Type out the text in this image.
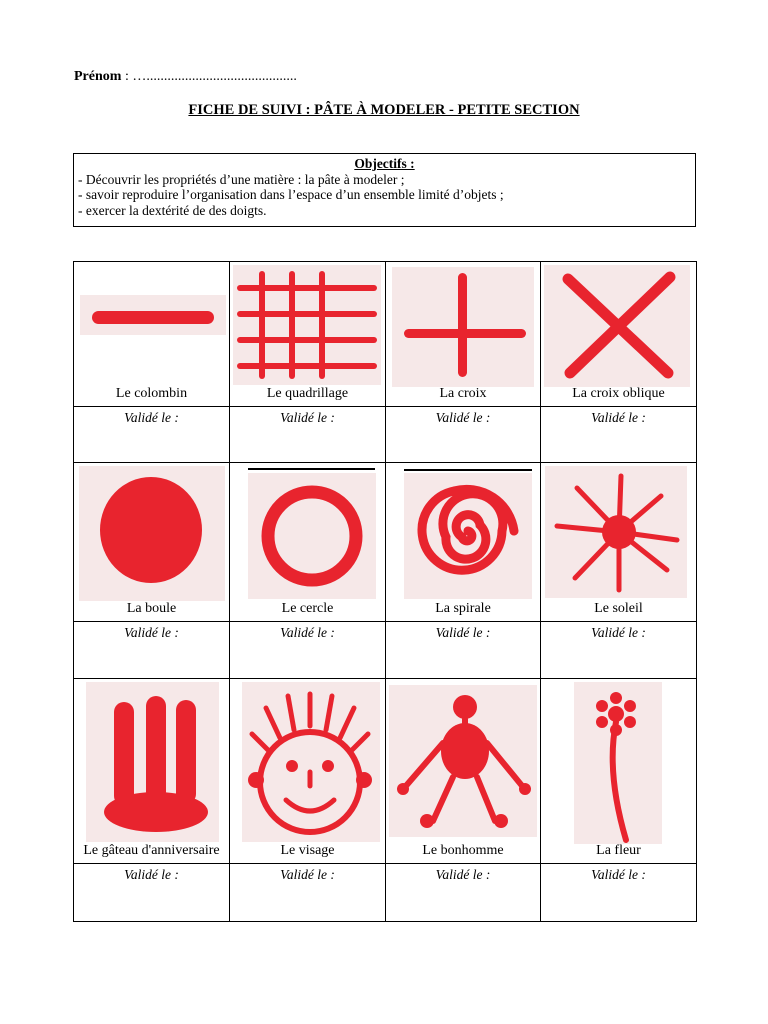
Prénom : …...........................................
FICHE DE SUIVI : PÂTE À MODELER - PETITE SECTION
Objectifs :
- Découvrir les propriétés d’une matière : la pâte à modeler ;
- savoir reproduire l’organisation dans l’espace d’un ensemble limité d’objets ;
- exercer la dextérité de des doigts.
Le colombin	Le quadrillage	La croix	La croix oblique

Validé le :	Validé le :	Validé le :	Validé le :

La boule	Le cercle	La spirale	Le soleil

Validé le :	Validé le :	Validé le :	Validé le :

Le gâteau d'anniversaire	Le visage	Le bonhomme	La fleur

Validé le :	Validé le :	Validé le :	Validé le :
